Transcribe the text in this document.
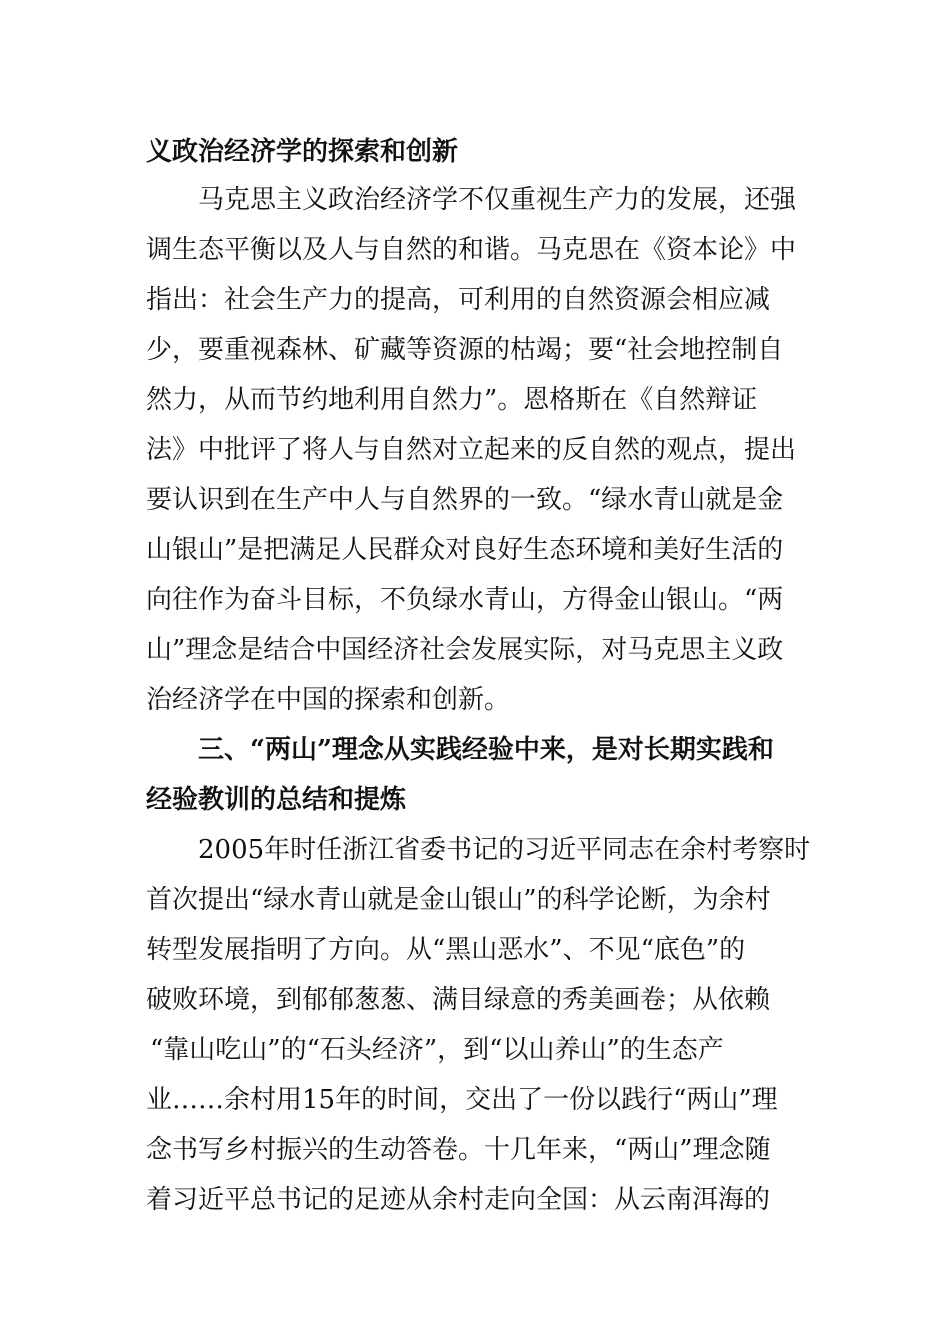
义政治经济学的探索和创新
马克思主义政治经济学不仅重视生产力的发展，还强
调生态平衡以及人与自然的和谐。马克思在《资本论》中
指出：社会生产力的提高，可利用的自然资源会相应减
少，要重视森林、矿藏等资源的枯竭；要“社会地控制自
然力，从而节约地利用自然力”。恩格斯在《自然辩证
法》中批评了将人与自然对立起来的反自然的观点，提出
要认识到在生产中人与自然界的一致。“绿水青山就是金
山银山”是把满足人民群众对良好生态环境和美好生活的
向往作为奋斗目标，不负绿水青山，方得金山银山。“两
山”理念是结合中国经济社会发展实际，对马克思主义政
治经济学在中国的探索和创新。
三、“两山”理念从实践经验中来，是对长期实践和
经验教训的总结和提炼
2005年时任浙江省委书记的习近平同志在余村考察时
首次提出“绿水青山就是金山银山”的科学论断，为余村
转型发展指明了方向。从“黑山恶水”、不见“底色”的
破败环境，到郁郁葱葱、满目绿意的秀美画卷；从依赖
“靠山吃山”的“石头经济”，到“以山养山”的生态产
业……余村用15年的时间，交出了一份以践行“两山”理
念书写乡村振兴的生动答卷。十几年来，“两山”理念随
着习近平总书记的足迹从余村走向全国：从云南洱海的
